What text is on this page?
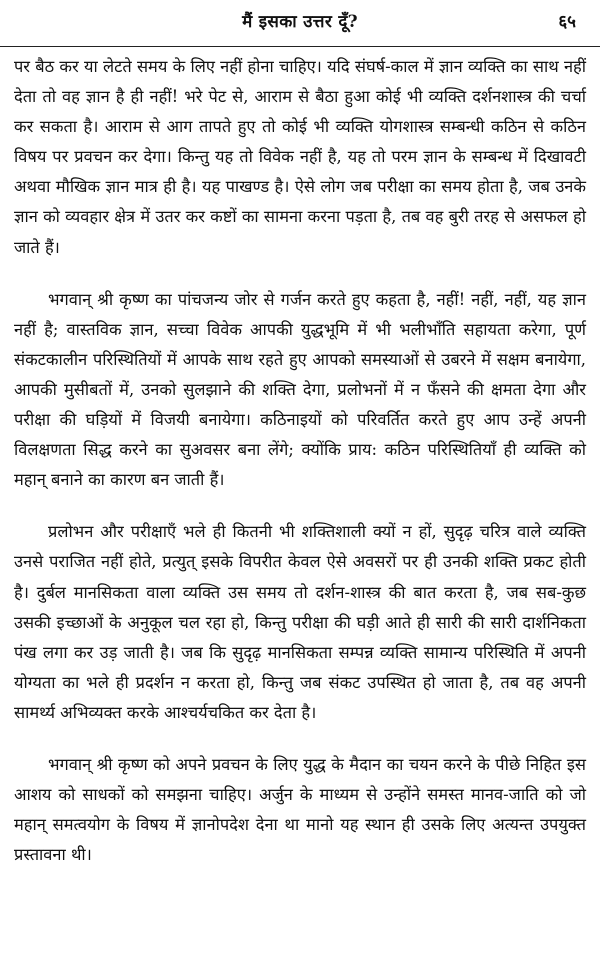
मैं इसका उत्तर दूँ?	६५

पर बैठ कर या लेटते समय के लिए नहीं होना चाहिए। यदि संघर्ष-काल में ज्ञान व्यक्ति का साथ नहीं देता तो वह ज्ञान है ही नहीं! भरे पेट से, आराम से बैठा हुआ कोई भी व्यक्ति दर्शनशास्त्र की चर्चा कर सकता है। आराम से आग तापते हुए तो कोई भी व्यक्ति योगशास्त्र सम्बन्धी कठिन से कठिन विषय पर प्रवचन कर देगा। किन्तु यह तो विवेक नहीं है, यह तो परम ज्ञान के सम्बन्ध में दिखावटी अथवा मौखिक ज्ञान मात्र ही है। यह पाखण्ड है। ऐसे लोग जब परीक्षा का समय होता है, जब उनके ज्ञान को व्यवहार क्षेत्र में उतर कर कष्टों का सामना करना पड़ता है, तब वह बुरी तरह से असफल हो जाते हैं।

भगवान् श्री कृष्ण का पांचजन्य जोर से गर्जन करते हुए कहता है, नहीं! नहीं, नहीं, यह ज्ञान नहीं है; वास्तविक ज्ञान, सच्चा विवेक आपकी युद्धभूमि में भी भलीभाँति सहायता करेगा, पूर्ण संकटकालीन परिस्थितियों में आपके साथ रहते हुए आपको समस्याओं से उबरने में सक्षम बनायेगा, आपकी मुसीबतों में, उनको सुलझाने की शक्ति देगा, प्रलोभनों में न फँसने की क्षमता देगा और परीक्षा की घड़ियों में विजयी बनायेगा। कठिनाइयों को परिवर्तित करते हुए आप उन्हें अपनी विलक्षणता सिद्ध करने का सुअवसर बना लेंगे; क्योंकि प्राय: कठिन परिस्थितियाँ ही व्यक्ति को महान् बनाने का कारण बन जाती हैं।

प्रलोभन और परीक्षाएँ भले ही कितनी भी शक्तिशाली क्यों न हों, सुदृढ़ चरित्र वाले व्यक्ति उनसे पराजित नहीं होते, प्रत्युत् इसके विपरीत केवल ऐसे अवसरों पर ही उनकी शक्ति प्रकट होती है। दुर्बल मानसिकता वाला व्यक्ति उस समय तो दर्शन-शास्त्र की बात करता है, जब सब-कुछ उसकी इच्छाओं के अनुकूल चल रहा हो, किन्तु परीक्षा की घड़ी आते ही सारी की सारी दार्शनिकता पंख लगा कर उड़ जाती है। जब कि सुदृढ़ मानसिकता सम्पन्न व्यक्ति सामान्य परिस्थिति में अपनी योग्यता का भले ही प्रदर्शन न करता हो, किन्तु जब संकट उपस्थित हो जाता है, तब वह अपनी सामर्थ्य अभिव्यक्त करके आश्चर्यचकित कर देता है।

भगवान् श्री कृष्ण को अपने प्रवचन के लिए युद्ध के मैदान का चयन करने के पीछे निहित इस आशय को साधकों को समझना चाहिए। अर्जुन के माध्यम से उन्होंने समस्त मानव-जाति को जो महान् समत्वयोग के विषय में ज्ञानोपदेश देना था मानो यह स्थान ही उसके लिए अत्यन्त उपयुक्त प्रस्तावना थी।
